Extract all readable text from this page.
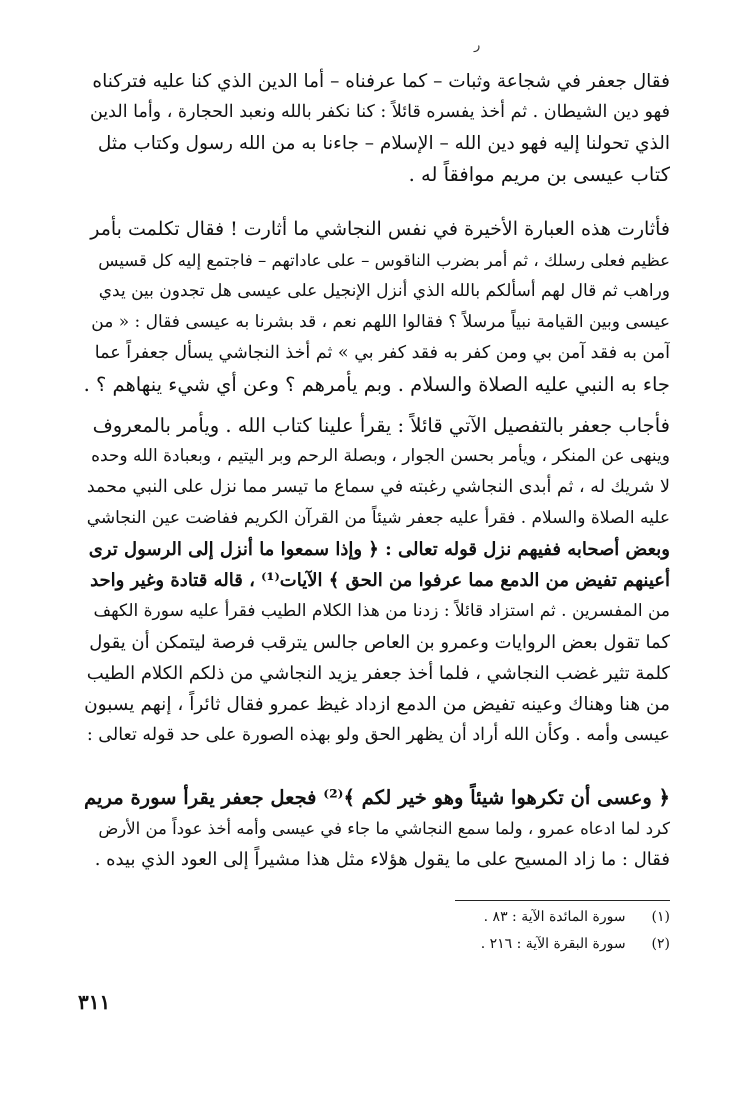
ر
فقال جعفر في شجاعة وثبات – كما عرفناه – أما الدين الذي كنا عليه فتركناه
فهو دين الشيطان . ثم أخذ يفسره قائلاً : كنا نكفر بالله ونعبد الحجارة ، وأما الدين
الذي تحولنا إليه فهو دين الله – الإسلام – جاءنا به من الله رسول وكتاب مثل
كتاب عيسى بن مريم موافقاً له .
فأثارت هذه العبارة الأخيرة في نفس النجاشي ما أثارت ! فقال تكلمت بأمر
عظيم فعلى رسلك ، ثم أمر بضرب الناقوس – على عاداتهم – فاجتمع إليه كل قسيس
وراهب ثم قال لهم أسألكم بالله الذي أنزل الإنجيل على عيسى هل تجدون بين يدي
عيسى وبين القيامة نبياً مرسلاً ؟ فقالوا اللهم نعم ، قد بشرنا به عيسى فقال : « من
آمن به فقد آمن بي ومن كفر به فقد كفر بي » ثم أخذ النجاشي يسأل جعفراً عما
جاء به النبي عليه الصلاة والسلام . وبم يأمرهم ؟ وعن أي شيء ينهاهم ؟ .
فأجاب جعفر بالتفصيل الآتي قائلاً : يقرأ علينا كتاب الله . ويأمر بالمعروف
وينهى عن المنكر ، ويأمر بحسن الجوار ، وبصلة الرحم وبر اليتيم ، وبعبادة الله وحده
لا شريك له ، ثم أبدى النجاشي رغبته في سماع ما تيسر مما نزل على النبي محمد
عليه الصلاة والسلام . فقرأ عليه جعفر شيئاً من القرآن الكريم ففاضت عين النجاشي
وبعض أصحابه ففيهم نزل قوله تعالى : ﴿ وإذا سمعوا ما أنزل إلى الرسول ترى
أعينهم تفيض من الدمع مما عرفوا من الحق ﴾ الآيات⁽¹⁾ ، قاله قتادة وغير واحد
من المفسرين . ثم استزاد قائلاً : زدنا من هذا الكلام الطيب فقرأ عليه سورة الكهف
كما تقول بعض الروايات وعمرو بن العاص جالس يترقب فرصة ليتمكن أن يقول
كلمة تثير غضب النجاشي ، فلما أخذ جعفر يزيد النجاشي من ذلكم الكلام الطيب
من هنا وهناك وعينه تفيض من الدمع ازداد غيظ عمرو فقال ثائراً ، إنهم يسبون
عيسى وأمه . وكأن الله أراد أن يظهر الحق ولو بهذه الصورة على حد قوله تعالى :
﴿ وعسى أن تكرهوا شيئاً وهو خير لكم ﴾⁽²⁾ فجعل جعفر يقرأ سورة مريم
كرد لما ادعاه عمرو ، ولما سمع النجاشي ما جاء في عيسى وأمه أخذ عوداً من الأرض
فقال : ما زاد المسيح على ما يقول هؤلاء مثل هذا مشيراً إلى العود الذي بيده .
(١) سورة المائدة الآية : ٨٣ .
(٢) سورة البقرة الآية : ٢١٦ .
٣١١
